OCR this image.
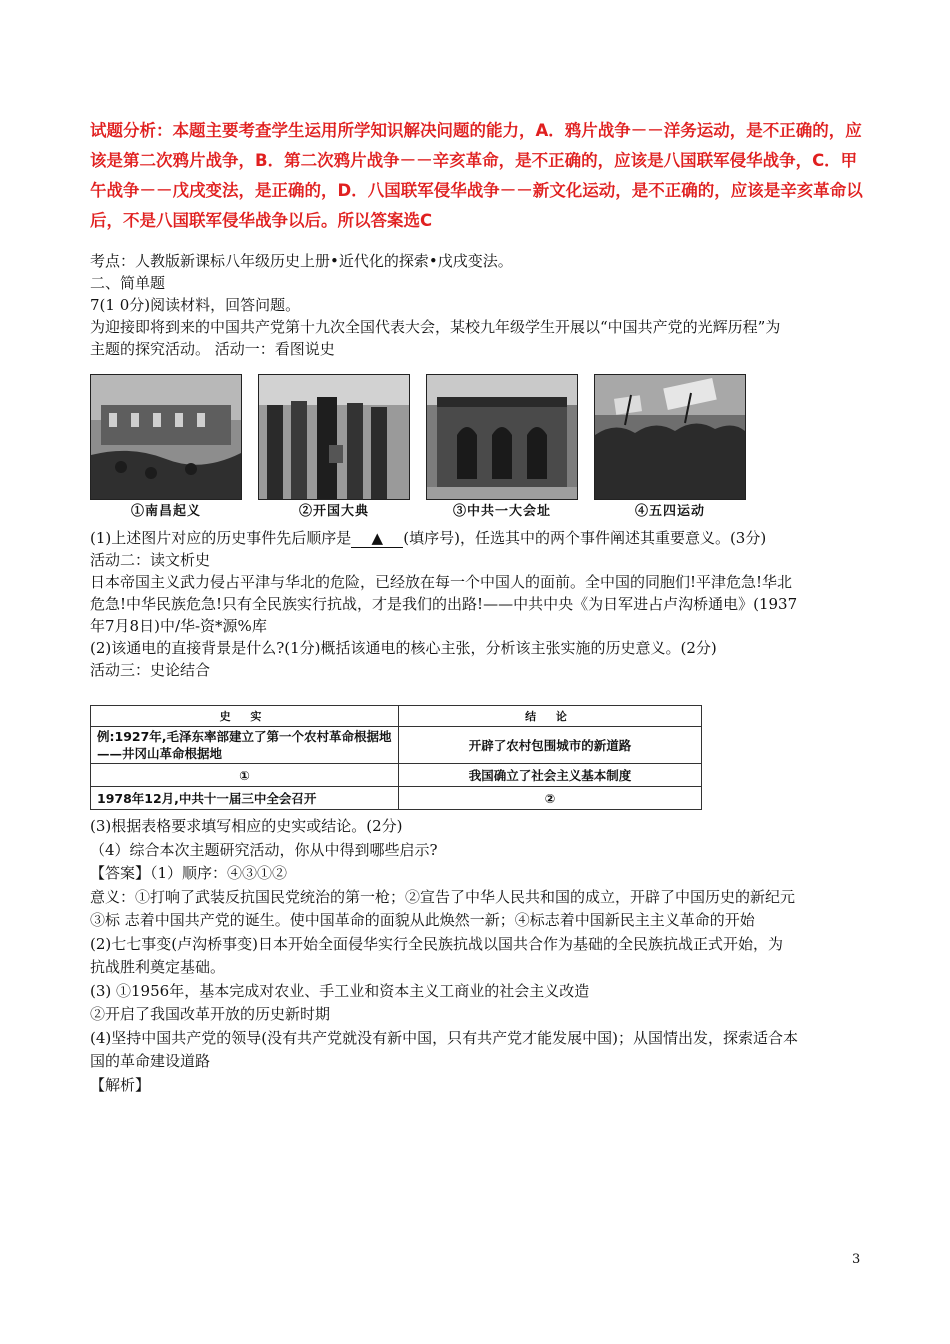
试题分析：本题主要考查学生运用所学知识解决问题的能力，A．鸦片战争－－洋务运动，是不正确的，应

该是第二次鸦片战争，B．第二次鸦片战争－－辛亥革命，是不正确的，应该是八国联军侵华战争，C．甲

午战争－－戊戌变法，是正确的，D．八国联军侵华战争－－新文化运动，是不正确的，应该是辛亥革命以

后，不是八国联军侵华战争以后。所以答案选C

考点：人教版新课标八年级历史上册•近代化的探索•戊戌变法。

二、简单题

7(1 0分)阅读材料，回答问题。

为迎接即将到来的中国共产党第十九次全国代表大会，某校九年级学生开展以“中国共产党的光辉历程”为

主题的探究活动。 活动一：看图说史

①南昌起义	②开国大典	③中共一大会址	④五四运动

(1)上述图片对应的历史事件先后顺序是 ▲ (填序号)，任选其中的两个事件阐述其重要意义。(3分)

活动二：读文析史

日本帝国主义武力侵占平津与华北的危险，已经放在每一个中国人的面前。全中国的同胞们!平津危急!华北

危急!中华民族危急!只有全民族实行抗战，才是我们的出路!——中共中央《为日军进占卢沟桥通电》(1937

年7月8日)中/华-资*源%库

(2)该通电的直接背景是什么?(1分)概括该通电的核心主张，分析该主张实施的历史意义。(2分)

活动三：史论结合

史 实	结 论
例:1927年,毛泽东率部建立了第一个农村革命根据地——井冈山革命根据地	开辟了农村包围城市的新道路
①	我国确立了社会主义基本制度
1978年12月,中共十一届三中全会召开	②

(3)根据表格要求填写相应的史实或结论。(2分)

（4）综合本次主题研究活动，你从中得到哪些启示?

【答案】（1）顺序：④③①②

意义：①打响了武装反抗国民党统治的第一枪；②宣告了中华人民共和国的成立，开辟了中国历史的新纪元

③标 志着中国共产党的诞生。使中国革命的面貌从此焕然一新；④标志着中国新民主主义革命的开始

(2)七七事变(卢沟桥事变)日本开始全面侵华实行全民族抗战以国共合作为基础的全民族抗战正式开始，为

抗战胜利奠定基础。

(3) ①1956年，基本完成对农业、手工业和资本主义工商业的社会主义改造

②开启了我国改革开放的历史新时期

(4)坚持中国共产党的领导(没有共产党就没有新中国，只有共产党才能发展中国)；从国情出发，探索适合本

国的革命建设道路

【解析】

3
